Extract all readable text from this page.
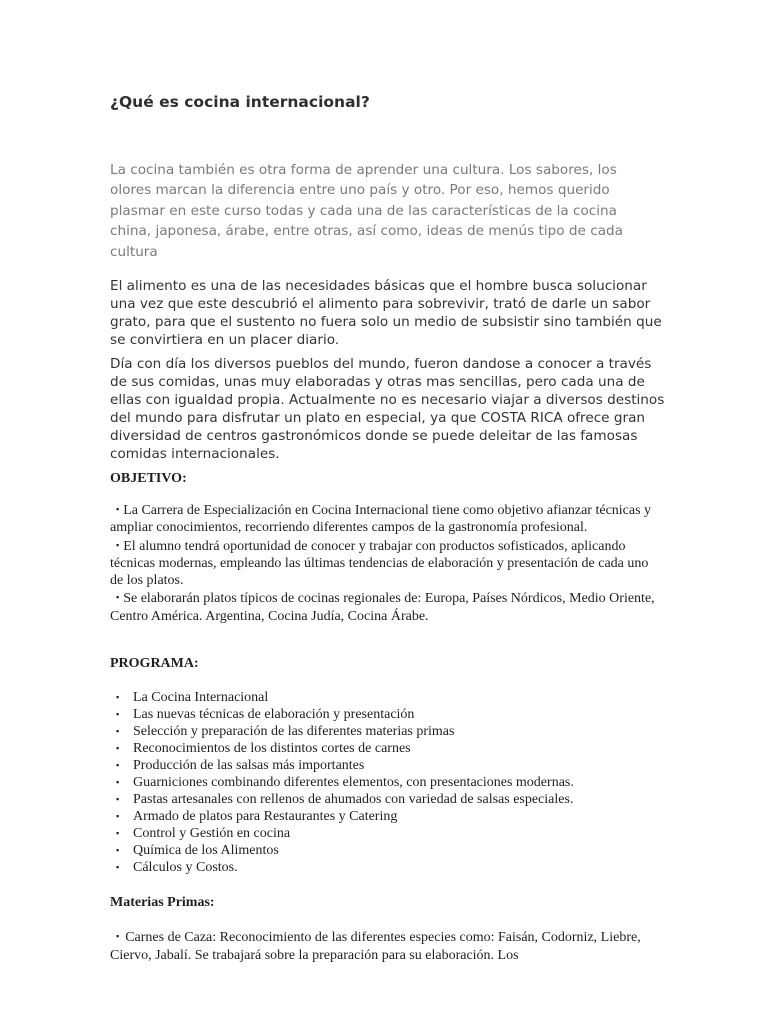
¿Qué es cocina internacional?

La cocina también es otra forma de aprender una cultura. Los sabores, los olores marcan la diferencia entre uno país y otro. Por eso, hemos querido plasmar en este curso todas y cada una de las características de la cocina china, japonesa, árabe, entre otras, así como, ideas de menús tipo de cada cultura

El alimento es una de las necesidades básicas que el hombre busca solucionar una vez que este descubrió el alimento para sobrevivir, trató de darle un sabor grato, para que el sustento no fuera solo un medio de subsistir sino también que se convirtiera en un placer diario.

Día con día los diversos pueblos del mundo, fueron dandose a conocer a través de sus comidas, unas muy elaboradas y otras mas sencillas, pero cada una de ellas con igualdad propia. Actualmente no es necesario viajar a diversos destinos del mundo para disfrutar un plato en especial, ya que COSTA RICA ofrece gran diversidad de centros gastronómicos donde se puede deleitar de las famosas comidas internacionales.

OBJETIVO:
▪ La Carrera de Especialización en Cocina Internacional tiene como objetivo afianzar técnicas y ampliar conocimientos, recorriendo diferentes campos de la gastronomía profesional.
▪ El alumno tendrá oportunidad de conocer y trabajar con productos sofisticados, aplicando técnicas modernas, empleando las últimas tendencias de elaboración y presentación de cada uno de los platos.
▪ Se elaborarán platos típicos de cocinas regionales de: Europa, Países Nórdicos, Medio Oriente, Centro América. Argentina, Cocina Judía, Cocina Árabe.
PROGRAMA:
▪ La Cocina Internacional
▪ Las nuevas técnicas de elaboración y presentación
▪ Selección y preparación de las diferentes materias primas
▪ Reconocimientos de los distintos cortes de carnes
▪ Producción de las salsas más importantes
▪ Guarniciones combinando diferentes elementos, con presentaciones modernas.
▪ Pastas artesanales con rellenos de ahumados con variedad de salsas especiales.
▪ Armado de platos para Restaurantes y Catering
▪ Control y Gestión en cocina
▪ Química de los Alimentos
▪ Cálculos y Costos.
Materias Primas:

▪ Carnes de Caza: Reconocimiento de las diferentes especies como: Faisán, Codorniz, Liebre, Ciervo, Jabalí. Se trabajará sobre la preparación para su elaboración. Los
